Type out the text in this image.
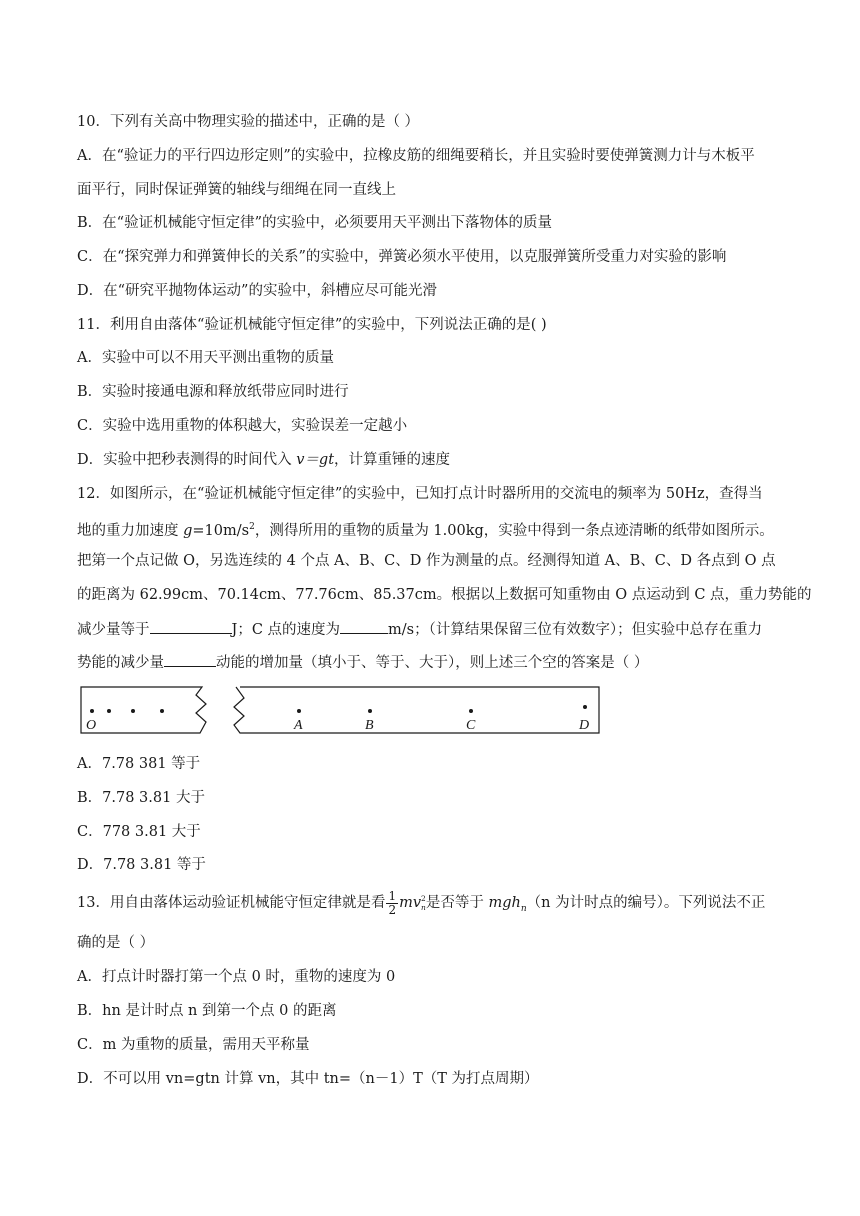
10．下列有关高中物理实验的描述中，正确的是（ ）
A．在“验证力的平行四边形定则”的实验中，拉橡皮筋的细绳要稍长，并且实验时要使弹簧测力计与木板平
面平行，同时保证弹簧的轴线与细绳在同一直线上
B．在“验证机械能守恒定律”的实验中，必须要用天平测出下落物体的质量
C．在“探究弹力和弹簧伸长的关系”的实验中，弹簧必须水平使用，以克服弹簧所受重力对实验的影响
D．在“研究平抛物体运动”的实验中，斜槽应尽可能光滑
11．利用自由落体“验证机械能守恒定律”的实验中，下列说法正确的是( )
A．实验中可以不用天平测出重物的质量
B．实验时接通电源和释放纸带应同时进行
C．实验中选用重物的体积越大，实验误差一定越小
D．实验中把秒表测得的时间代入 v＝gt，计算重锤的速度
12．如图所示，在“验证机械能守恒定律”的实验中，已知打点计时器所用的交流电的频率为 50Hz，查得当
地的重力加速度 $g=10m/s^2$，测得所用的重物的质量为 1.00kg，实验中得到一条点迹清晰的纸带如图所示。
把第一个点记做 O，另选连续的 4 个点 A、B、C、D 作为测量的点。经测得知道 A、B、C、D 各点到 O 点
的距离为 62.99cm、70.14cm、77.76cm、85.37cm。根据以上数据可知重物由 O 点运动到 C 点，重力势能的
减少量等于	J；C 点的速度为	m/s；（计算结果保留三位有效数字）；但实验中总存在重力
势能的减少量	动能的增加量（填小于、等于、大于），则上述三个空的答案是（ ）
O	A	B	C	D
A．7.78 381 等于
B．7.78 3.81 大于
C．778 3.81 大于
D．7.78 3.81 等于
13．用自由落体运动验证机械能守恒定律就是看 $\frac{1}{2}$ mv 2
n 是否等于 mgh$_n$（n 为计时点的编号）。下列说法不正
确的是（ ）
A．打点计时器打第一个点 0 时，重物的速度为 0
B．hn 是计时点 n 到第一个点 0 的距离
C．m 为重物的质量，需用天平称量
D．不可以用 vn=gtn 计算 vn，其中 tn=（n－1）T（T 为打点周期）
